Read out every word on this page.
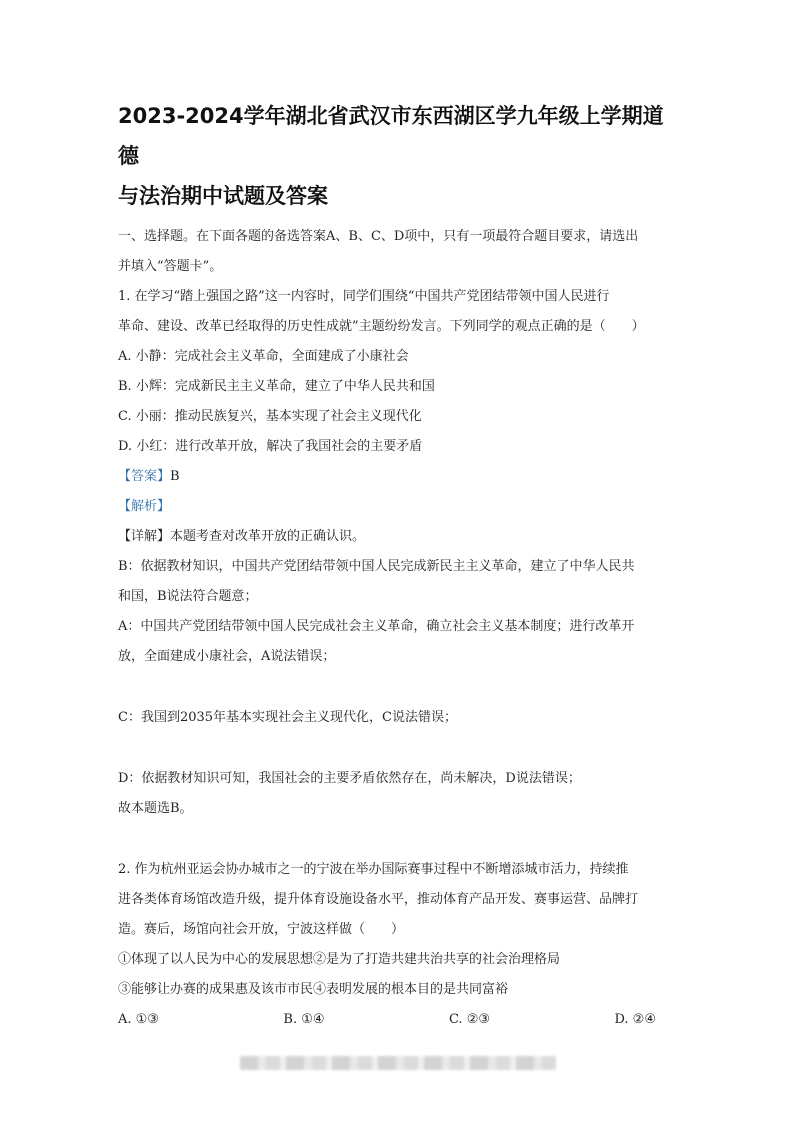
2023-2024学年湖北省武汉市东西湖区学九年级上学期道德
与法治期中试题及答案

一、选择题。在下面各题的备选答案A、B、C、D项中，只有一项最符合题目要求，请选出

并填入“答题卡”。

1. 在学习“踏上强国之路”这一内容时，同学们围绕“中国共产党团结带领中国人民进行

革命、建设、改革已经取得的历史性成就”主题纷纷发言。下列同学的观点正确的是（　　）

A. 小静：完成社会主义革命，全面建成了小康社会

B. 小辉：完成新民主主义革命，建立了中华人民共和国

C. 小丽：推动民族复兴，基本实现了社会主义现代化

D. 小红：进行改革开放，解决了我国社会的主要矛盾

【答案】B

【解析】

【详解】本题考查对改革开放的正确认识。

B：依据教材知识，中国共产党团结带领中国人民完成新民主主义革命，建立了中华人民共

和国，B说法符合题意；

A：中国共产党团结带领中国人民完成社会主义革命，确立社会主义基本制度；进行改革开

放，全面建成小康社会，A说法错误；

C：我国到2035年基本实现社会主义现代化，C说法错误；

D：依据教材知识可知，我国社会的主要矛盾依然存在，尚未解决，D说法错误；

故本题选B。

2. 作为杭州亚运会协办城市之一的宁波在举办国际赛事过程中不断增添城市活力，持续推

进各类体育场馆改造升级，提升体育设施设备水平，推动体育产品开发、赛事运营、品牌打

造。赛后，场馆向社会开放，宁波这样做（　　）

①体现了以人民为中心的发展思想②是为了打造共建共治共享的社会治理格局

③能够让办赛的成果惠及该市市民④表明发展的根本目的是共同富裕

A. ①③	B. ①④	C. ②③	D. ②④
